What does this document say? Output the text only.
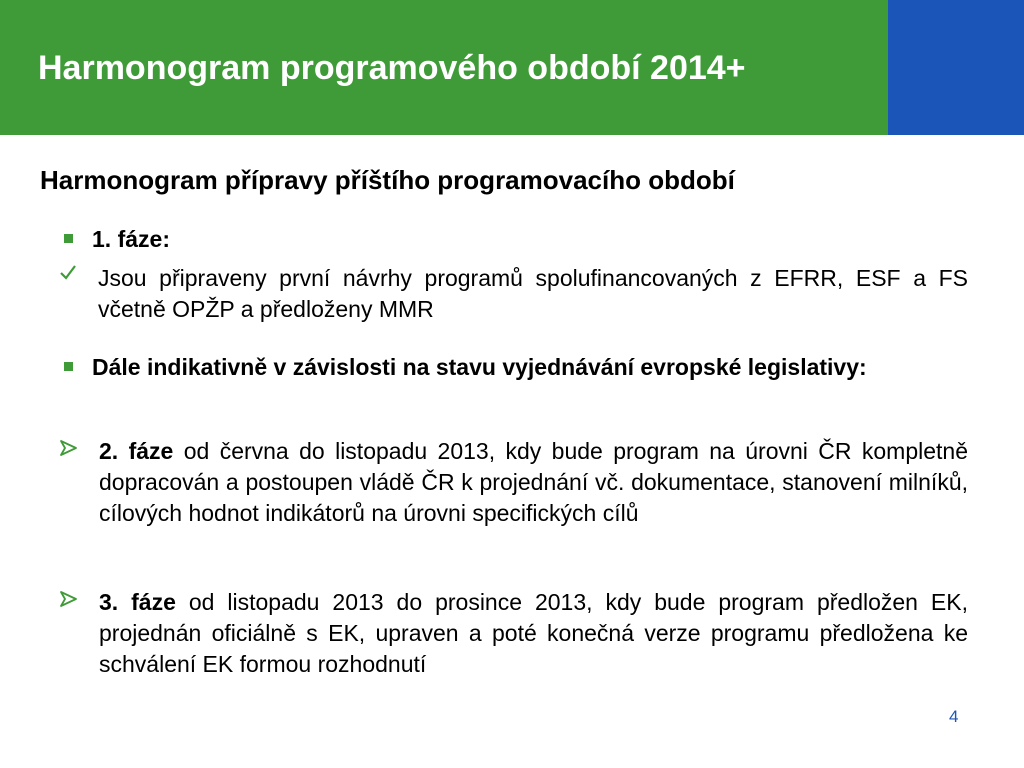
Harmonogram programového období 2014+
Harmonogram přípravy příštího programovacího období
1. fáze:
Jsou připraveny první návrhy programů spolufinancovaných z EFRR, ESF a FS včetně OPŽP a předloženy MMR
Dále indikativně v závislosti na stavu vyjednávání evropské legislativy:
2. fáze od června do listopadu 2013, kdy bude program na úrovni ČR kompletně dopracován a postoupen vládě ČR k projednání vč. dokumentace, stanovení milníků, cílových hodnot indikátorů na úrovni specifických cílů
3. fáze od listopadu 2013 do prosince 2013, kdy bude program předložen EK, projednán oficiálně s EK, upraven a poté konečná verze programu předložena ke schválení EK formou rozhodnutí
4
